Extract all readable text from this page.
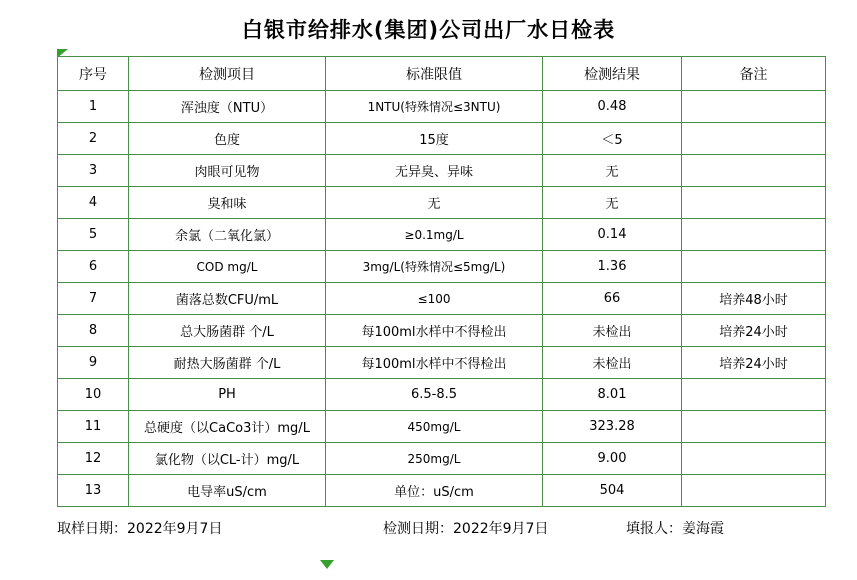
白银市给排水(集团)公司出厂水日检表
序号	检测项目	标准限值	检测结果	备注
1	浑浊度（NTU）	1NTU(特殊情况≤3NTU)	0.48	
2	色度	15度	＜5	
3	肉眼可见物	无异臭、异味	无	
4	臭和味	无	无	
5	余氯（二氧化氯）	≥0.1mg/L	0.14	
6	COD mg/L	3mg/L(特殊情况≤5mg/L)	1.36	
7	菌落总数CFU/mL	≤100	66	培养48小时
8	总大肠菌群 个/L	每100ml水样中不得检出	未检出	培养24小时
9	耐热大肠菌群 个/L	每100ml水样中不得检出	未检出	培养24小时
10	PH	6.5-8.5	8.01	
11	总硬度（以CaCo3计）mg/L	450mg/L	323.28	
12	氯化物（以CL-计）mg/L	250mg/L	9.00	
13	电导率uS/cm	单位：uS/cm	504	
取样日期：2022年9月7日	检测日期：2022年9月7日	填报人：姜海霞
